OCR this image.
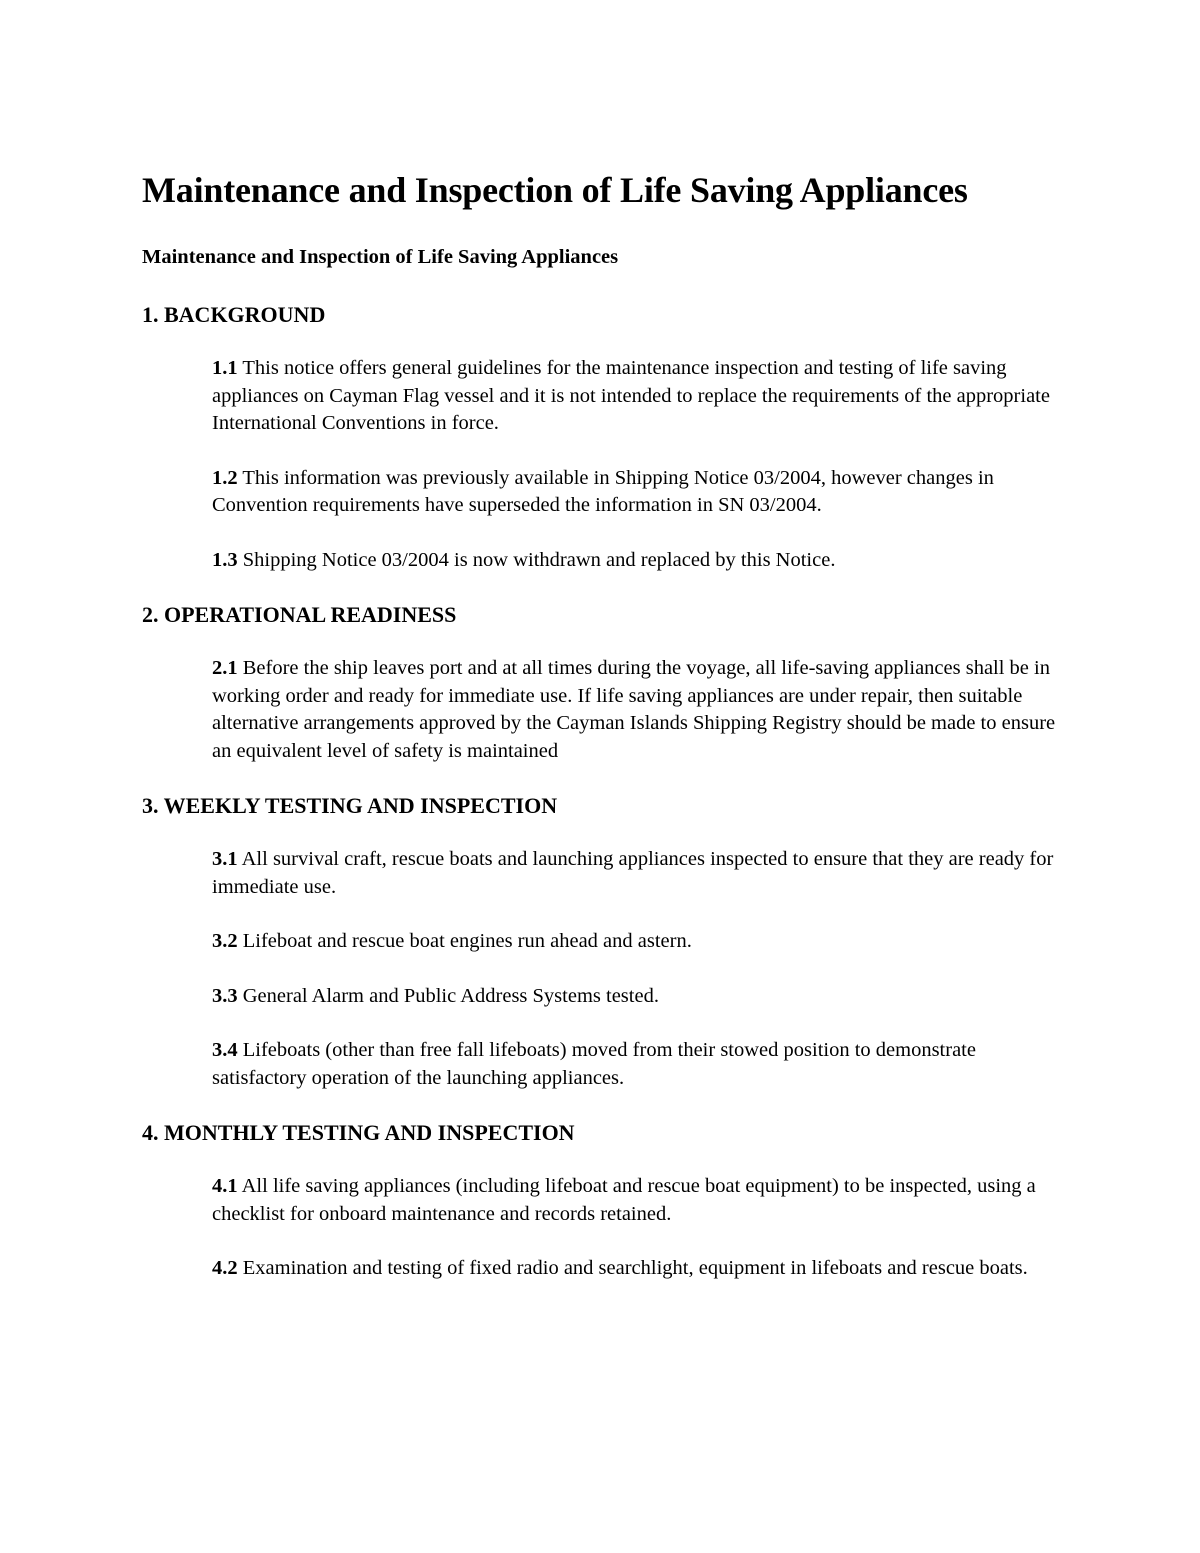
Maintenance and Inspection of Life Saving Appliances
Maintenance and Inspection of Life Saving Appliances
1. BACKGROUND

1.1 This notice offers general guidelines for the maintenance inspection and testing of life saving appliances on Cayman Flag vessel and it is not intended to replace the requirements of the appropriate International Conventions in force.

1.2 This information was previously available in Shipping Notice 03/2004, however changes in Convention requirements have superseded the information in SN 03/2004.

1.3 Shipping Notice 03/2004 is now withdrawn and replaced by this Notice.

2. OPERATIONAL READINESS

2.1 Before the ship leaves port and at all times during the voyage, all life-saving appliances shall be in working order and ready for immediate use. If life saving appliances are under repair, then suitable alternative arrangements approved by the Cayman Islands Shipping Registry should be made to ensure an equivalent level of safety is maintained

3. WEEKLY TESTING AND INSPECTION

3.1 All survival craft, rescue boats and launching appliances inspected to ensure that they are ready for immediate use.

3.2 Lifeboat and rescue boat engines run ahead and astern.

3.3 General Alarm and Public Address Systems tested.

3.4 Lifeboats (other than free fall lifeboats) moved from their stowed position to demonstrate satisfactory operation of the launching appliances.

4. MONTHLY TESTING AND INSPECTION

4.1 All life saving appliances (including lifeboat and rescue boat equipment) to be inspected, using a checklist for onboard maintenance and records retained.

4.2 Examination and testing of fixed radio and searchlight, equipment in lifeboats and rescue boats.
